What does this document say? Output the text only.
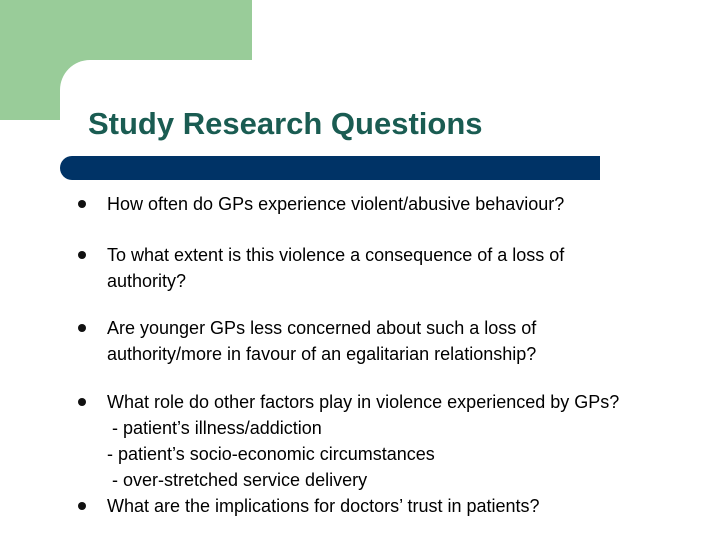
Study Research Questions
How often do GPs experience violent/abusive behaviour?
To what extent is this violence a consequence of a loss of
authority?
Are younger GPs less concerned about such a loss of
authority/more in favour of an egalitarian relationship?
What role do other factors play in violence experienced by GPs?
- patient’s illness/addiction
- patient’s socio-economic circumstances
- over-stretched service delivery
What are the implications for doctors’ trust in patients?
